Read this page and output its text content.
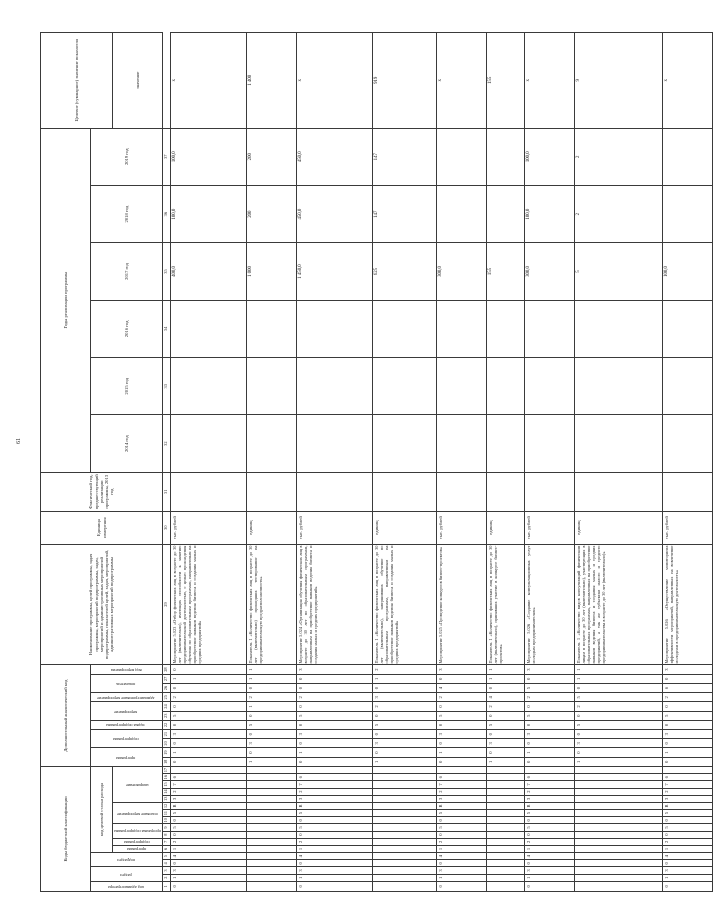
61
Коды бюджетной классификации																	Дополнительный аналитический код											Наименование программы, целей программы, задач программы, мероприятий подпрограммы, задач, мероприятий и административных мероприятий подпрограммы, показателей целей, задач, мероприятий, административных мероприятий подпрограммы	Единица измерения	Фактический год, предшествующий реализации программы, 2013 год	Годы реализации программы						Целевое (суммарное) значение показателя
код администратора	раздел		подраздел		код целевой статьи расхода												программа		подпрограмма		задача подпрограммы	мероприятие		административное мероприятие	показатель		вид мероприятия				2014 год	2015 год	2016 год	2017 год	2018 год	2019 год	
					программа	подпрограмма	программа подпрограммы		основное мероприятие			направление																									значение
1	2	3	4	5	6	7	8	9	10	11	12	13	14	15	16	17	18	19	20	21	22	23	24	25	26	27	28	29	30	31	32	33	34	35	36	37	
0	1	3	0	4	1	2	0	5	0	5	R	3	2	7	6		0	1	0	3	0	5	0	2	0	1	0	Мероприятие 5.023 «Отбор физических лиц в возрасте до 30 лет (включительно), имеющих способности к занятию предпринимательской деятельностью, с целью прохождения обучения по образовательным программам, направленным на приобретение навыков ведения бизнеса и создания малых и средних предприятий»	тыс. рублей					400,0	100,0	100,0	х
																	1	0	3	0	5	0	1	2	0	1	1	Показатель 1 «Количество физических лиц в возрасте до 30 лет (включительно) прошедших тестирование на предпринимательскую предрасположенность»	единиц					1 000	200	200	1 400
0	1	3	0	4	1	2	0	5	0	5	R	3	2	7	6		0	1	0	3	0	5	0	2	0	0	3	Мероприятие 5.024 «Организация обучения физических лиц в возрасте до 30 лет по образовательным программам, направленным на приобретение навыков ведения бизнеса и создания малых и средних предприятий»	тыс. рублей					1 450,0	450,0	450,0	х
																	1	0	3	0	5	0	2	3	0	1	2	Показатель 1 «Количество физических лиц в возрасте до 30 лет (включительно), завершивших обучение по образовательным программам, направленным на приобретение навыков ведения бизнеса и создания малых и средних предприятий»	единиц					625	147	147	919
0	1	3	0	4	1	2	0	5	0	5	R	3	2	7	6		0	1	0	3	0	5	0	2	4	0	3	Мероприятие 5.025 «Проведение конкурсов бизнес-проектов»	тыс. рублей					300,0			х
																	1	0	3	0	5	0	2	4	0	1	1	Показатель 1 «Количество физических лиц в возрасте до 30 лет (включительно), принявших участие в конкурсе бизнес-проектов»	единиц					155			155
0	1	3	0	4	1	2	0	5	0	5	R	3	2	7	6		0	1	0	3	0	5	0	2	5	0	3	Мероприятие 5.026 «Создание консультационных услуг молодым предпринимателям»	тыс. рублей					300,0	100,0	100,0	х
																	1	0	3	0	5	0	2	5	0	1	1	Показатель 1 «Количество видов консультаций физическим лицам в возрасте до 30 лет (включительно), участвующих в образовательных программах, направленных на приобретение навыков ведения бизнеса и создания малых и средних предприятий, а так же субъектам малого и среднего предпринимательства в возрасте до 30 лет (включительно)»	единиц					5	2	2	9
0	1	3	0	4	1	2	0	5	0	5	R	3	2	7	6		0	1	0	3	0	5	0	2	6	0	3	Мероприятие 5.026 «Осуществление мониторинга эффективности мероприятий, направленных на вовлечение молодежи в предпринимательскую деятельность»	тыс. рублей					100,0			х
